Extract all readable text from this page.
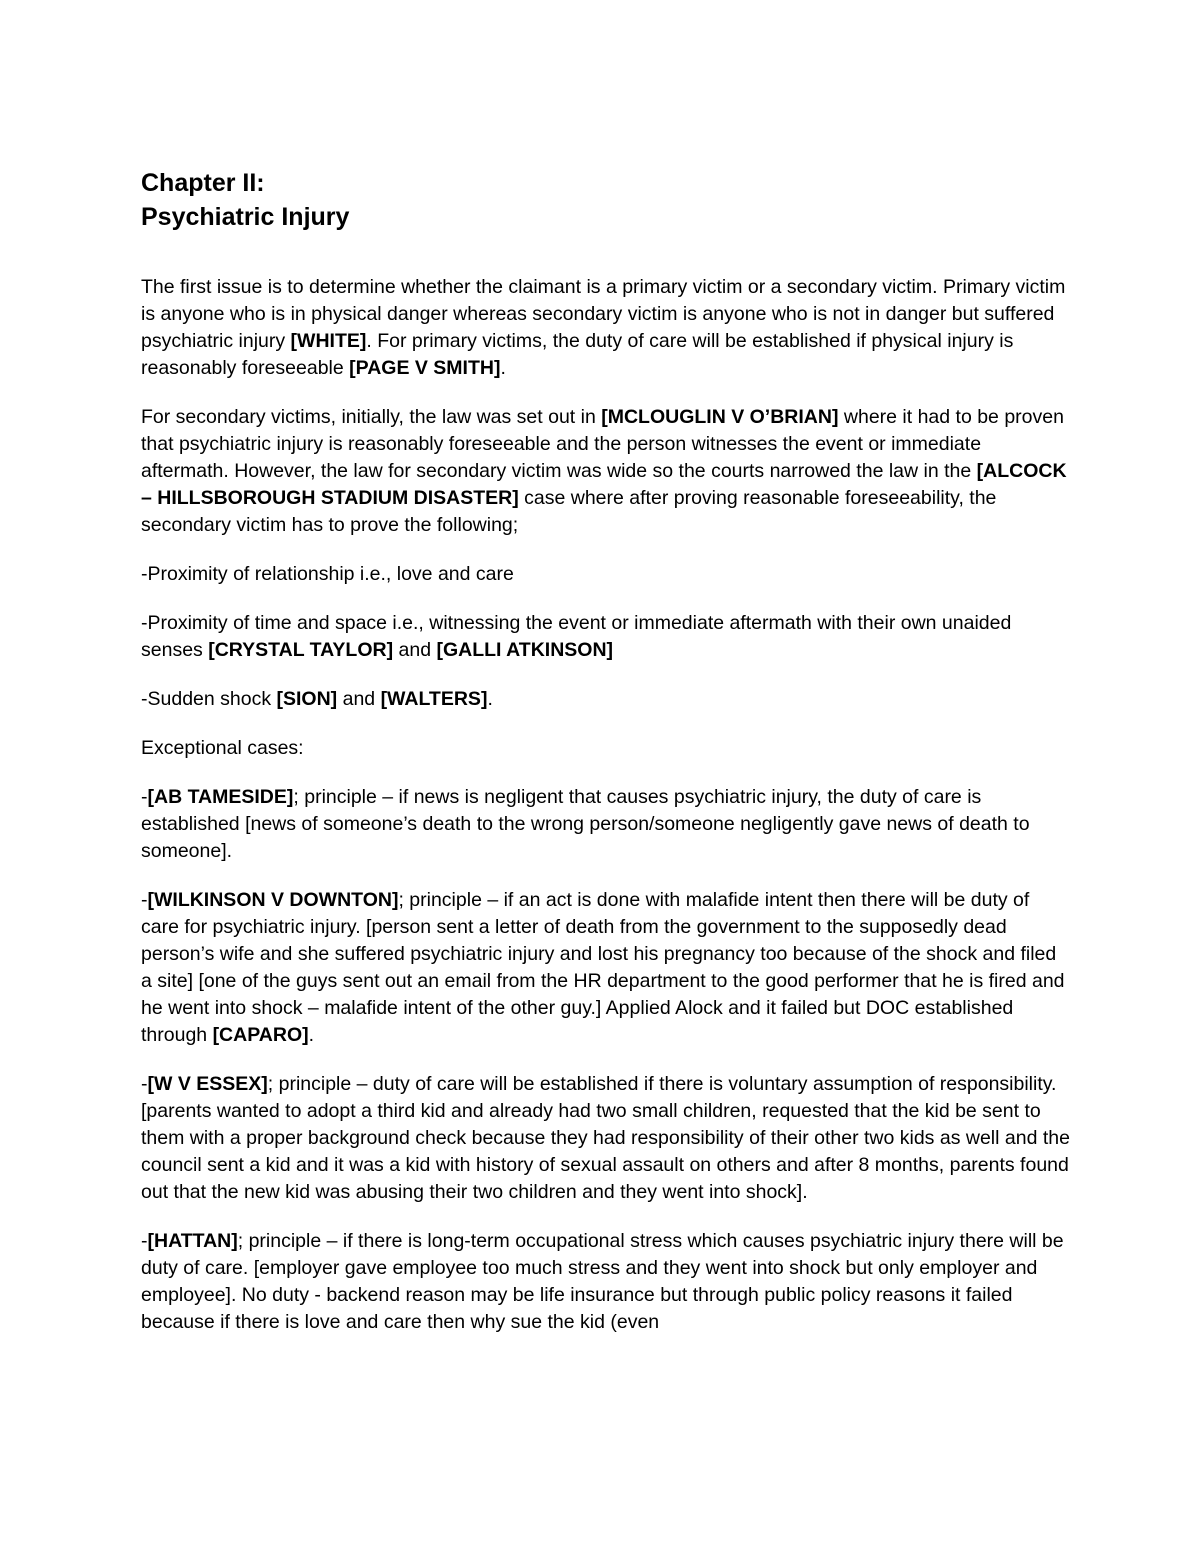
Chapter II:
Psychiatric Injury

The first issue is to determine whether the claimant is a primary victim or a secondary victim. Primary victim is anyone who is in physical danger whereas secondary victim is anyone who is not in danger but suffered psychiatric injury [WHITE]. For primary victims, the duty of care will be established if physical injury is reasonably foreseeable [PAGE V SMITH].

For secondary victims, initially, the law was set out in [MCLOUGLIN V O’BRIAN] where it had to be proven that psychiatric injury is reasonably foreseeable and the person witnesses the event or immediate aftermath. However, the law for secondary victim was wide so the courts narrowed the law in the [ALCOCK – HILLSBOROUGH STADIUM DISASTER] case where after proving reasonable foreseeability, the secondary victim has to prove the following;

-Proximity of relationship i.e., love and care

-Proximity of time and space i.e., witnessing the event or immediate aftermath with their own unaided senses [CRYSTAL TAYLOR] and [GALLI ATKINSON]

-Sudden shock [SION] and [WALTERS].

Exceptional cases:

-[AB TAMESIDE]; principle – if news is negligent that causes psychiatric injury, the duty of care is established [news of someone’s death to the wrong person/someone negligently gave news of death to someone].

-[WILKINSON V DOWNTON]; principle – if an act is done with malafide intent then there will be duty of care for psychiatric injury. [person sent a letter of death from the government to the supposedly dead person’s wife and she suffered psychiatric injury and lost his pregnancy too because of the shock and filed a site] [one of the guys sent out an email from the HR department to the good performer that he is fired and he went into shock – malafide intent of the other guy.] Applied Alock and it failed but DOC established through [CAPARO].

-[W V ESSEX]; principle – duty of care will be established if there is voluntary assumption of responsibility. [parents wanted to adopt a third kid and already had two small children, requested that the kid be sent to them with a proper background check because they had responsibility of their other two kids as well and the council sent a kid and it was a kid with history of sexual assault on others and after 8 months, parents found out that the new kid was abusing their two children and they went into shock].

-[HATTAN]; principle – if there is long-term occupational stress which causes psychiatric injury there will be duty of care. [employer gave employee too much stress and they went into shock but only employer and employee]. No duty - backend reason may be life insurance but through public policy reasons it failed because if there is love and care then why sue the kid (even
